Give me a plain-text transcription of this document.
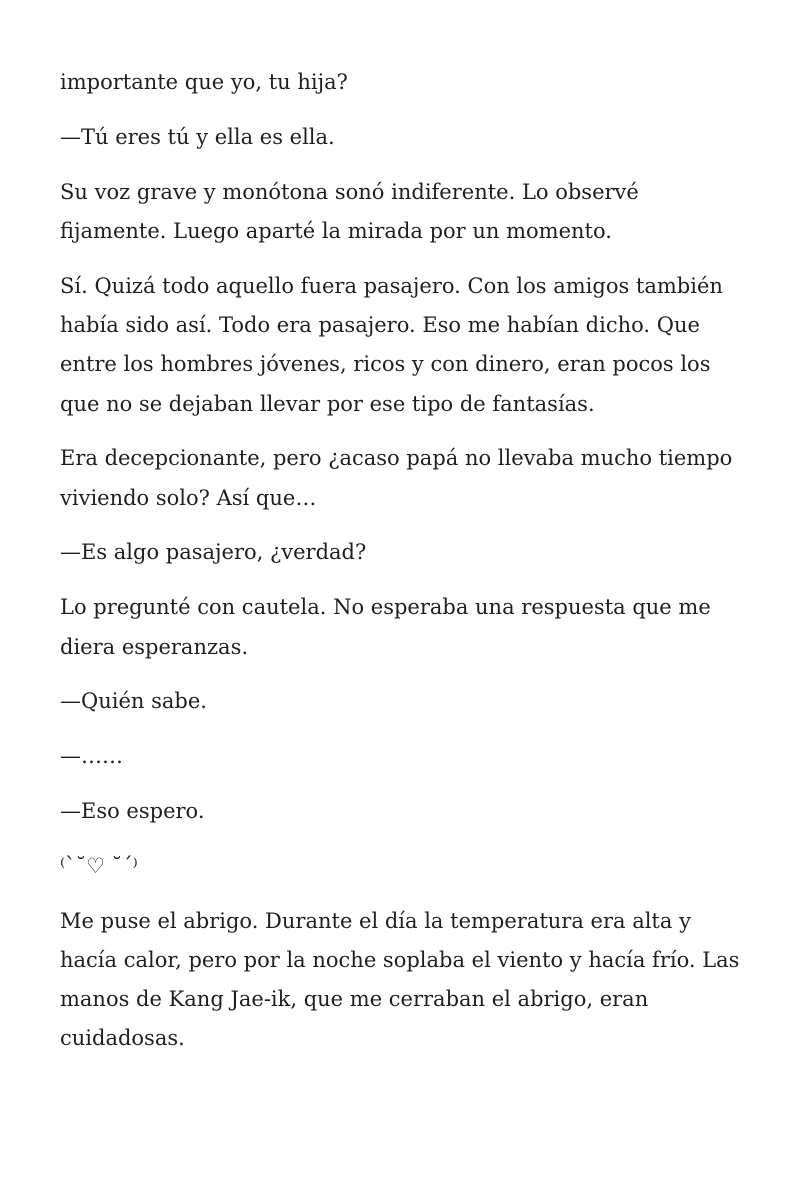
importante que yo, tu hija?

—Tú eres tú y ella es ella.

Su voz grave y monótona sonó indiferente. Lo observé fijamente. Luego aparté la mirada por un momento.

Sí. Quizá todo aquello fuera pasajero. Con los amigos también había sido así. Todo era pasajero. Eso me habían dicho. Que entre los hombres jóvenes, ricos y con dinero, eran pocos los que no se dejaban llevar por ese tipo de fantasías.

Era decepcionante, pero ¿acaso papá no llevaba mucho tiempo viviendo solo? Así que…

—Es algo pasajero, ¿verdad?

Lo pregunté con cautela. No esperaba una respuesta que me diera esperanzas.

—Quién sabe.

—……

—Eso espero.

⁽`˘♡ ˘´⁾

Me puse el abrigo. Durante el día la temperatura era alta y hacía calor, pero por la noche soplaba el viento y hacía frío. Las manos de Kang Jae-ik, que me cerraban el abrigo, eran cuidadosas.
